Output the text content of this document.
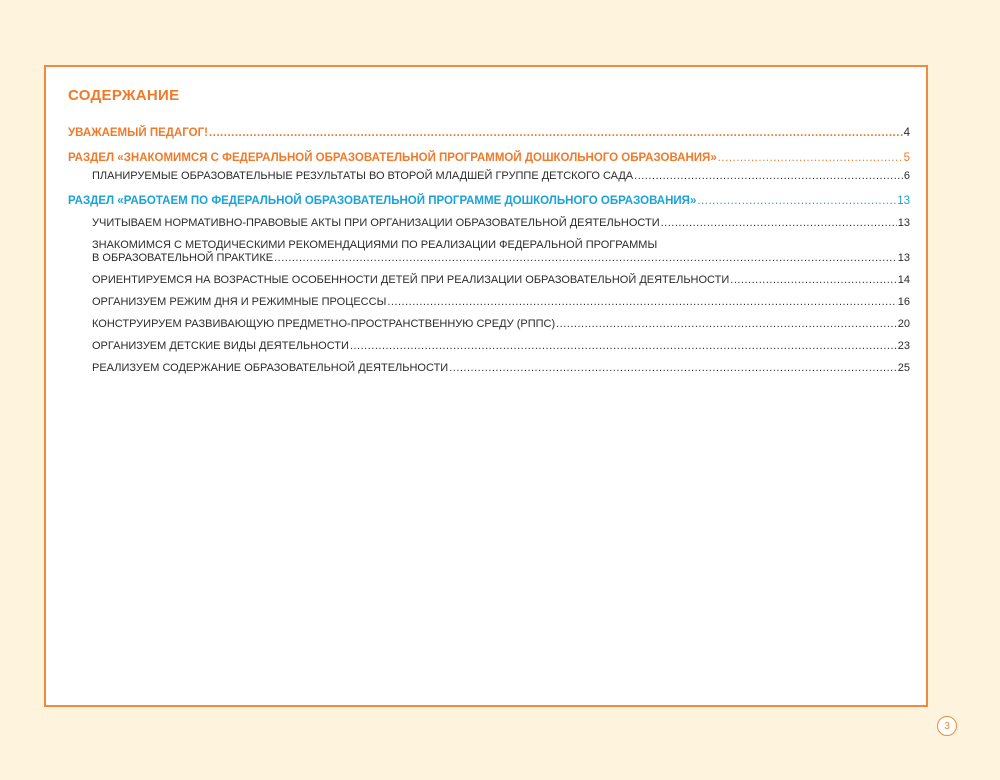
СОДЕРЖАНИЕ
УВАЖАЕМЫЙ ПЕДАГОГ! .....	4
РАЗДЕЛ «ЗНАКОМИМСЯ С ФЕДЕРАЛЬНОЙ ОБРАЗОВАТЕЛЬНОЙ ПРОГРАММОЙ ДОШКОЛЬНОГО ОБРАЗОВАНИЯ» .....	5
ПЛАНИРУЕМЫЕ ОБРАЗОВАТЕЛЬНЫЕ РЕЗУЛЬТАТЫ ВО ВТОРОЙ МЛАДШЕЙ ГРУППЕ ДЕТСКОГО САДА .....	6
РАЗДЕЛ «РАБОТАЕМ ПО ФЕДЕРАЛЬНОЙ ОБРАЗОВАТЕЛЬНОЙ ПРОГРАММЕ ДОШКОЛЬНОГО ОБРАЗОВАНИЯ» .....	13
УЧИТЫВАЕМ НОРМАТИВНО-ПРАВОВЫЕ АКТЫ ПРИ ОРГАНИЗАЦИИ ОБРАЗОВАТЕЛЬНОЙ ДЕЯТЕЛЬНОСТИ .....	13
ЗНАКОМИМСЯ С МЕТОДИЧЕСКИМИ РЕКОМЕНДАЦИЯМИ ПО РЕАЛИЗАЦИИ ФЕДЕРАЛЬНОЙ ПРОГРАММЫ
В ОБРАЗОВАТЕЛЬНОЙ ПРАКТИКЕ .....	13
ОРИЕНТИРУЕМСЯ НА ВОЗРАСТНЫЕ ОСОБЕННОСТИ ДЕТЕЙ ПРИ РЕАЛИЗАЦИИ ОБРАЗОВАТЕЛЬНОЙ ДЕЯТЕЛЬНОСТИ .....	14
ОРГАНИЗУЕМ РЕЖИМ ДНЯ И РЕЖИМНЫЕ ПРОЦЕССЫ .....	16
КОНСТРУИРУЕМ РАЗВИВАЮЩУЮ ПРЕДМЕТНО-ПРОСТРАНСТВЕННУЮ СРЕДУ (РППС) .....	20
ОРГАНИЗУЕМ ДЕТСКИЕ ВИДЫ ДЕЯТЕЛЬНОСТИ .....	23
РЕАЛИЗУЕМ СОДЕРЖАНИЕ ОБРАЗОВАТЕЛЬНОЙ ДЕЯТЕЛЬНОСТИ .....	25
3
